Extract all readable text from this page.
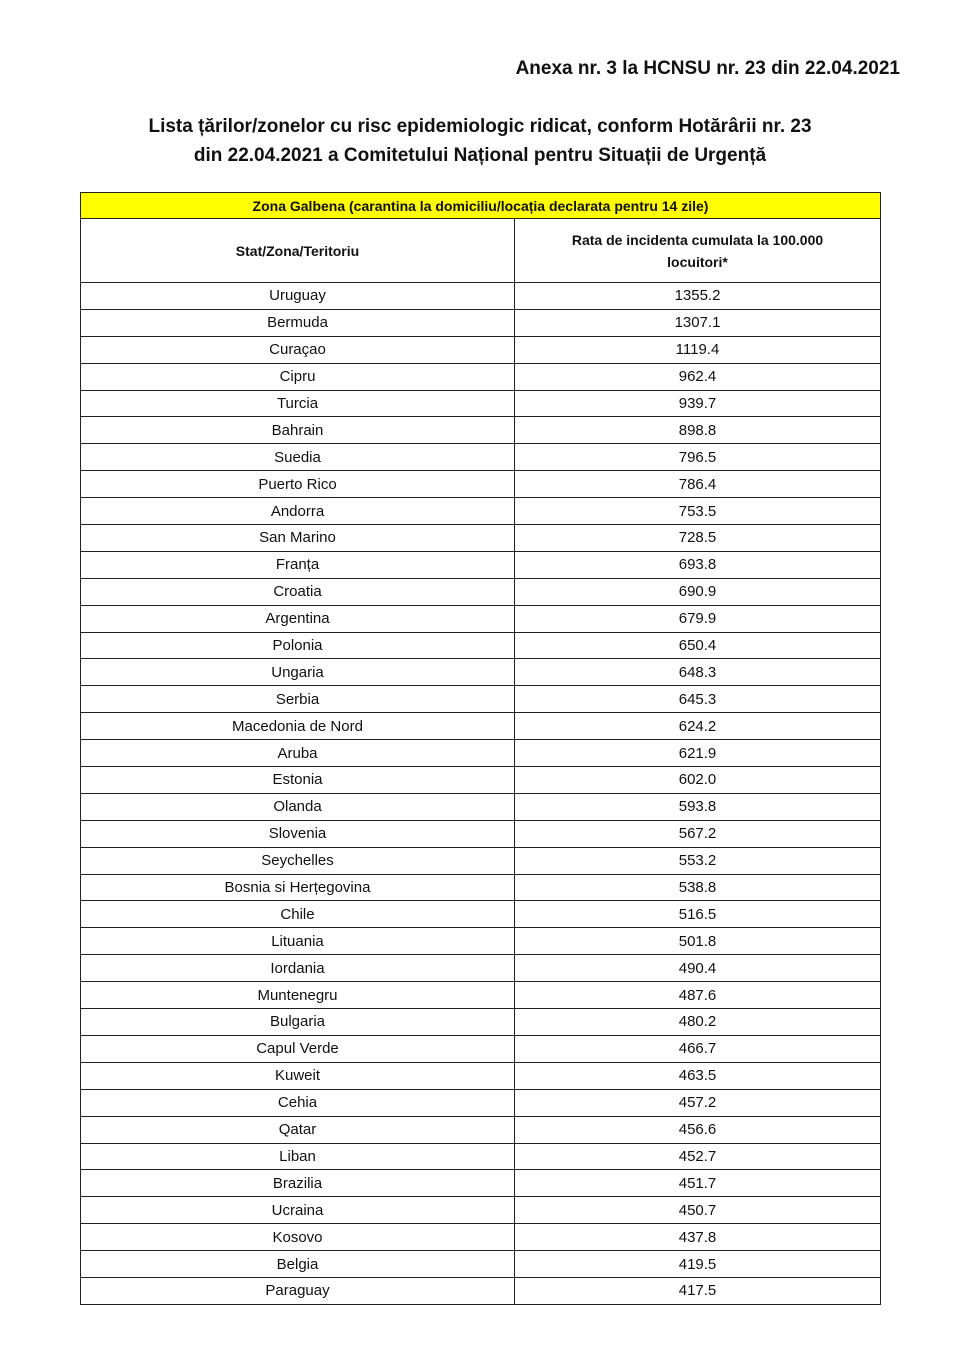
Anexa nr. 3 la HCNSU nr. 23 din 22.04.2021
Lista țărilor/zonelor cu risc epidemiologic ridicat, conform Hotărârii nr. 23
din 22.04.2021 a Comitetului Național pentru Situații de Urgență
Zona Galbena (carantina la domiciliu/locația declarata pentru 14 zile)	
Stat/Zona/Teritoriu	Rata de incidenta cumulata la 100.000
locuitori*
Uruguay	1355.2
Bermuda	1307.1
Curaçao	1119.4
Cipru	962.4
Turcia	939.7
Bahrain	898.8
Suedia	796.5
Puerto Rico	786.4
Andorra	753.5
San Marino	728.5
Franța	693.8
Croatia	690.9
Argentina	679.9
Polonia	650.4
Ungaria	648.3
Serbia	645.3
Macedonia de Nord	624.2
Aruba	621.9
Estonia	602.0
Olanda	593.8
Slovenia	567.2
Seychelles	553.2
Bosnia si Herțegovina	538.8
Chile	516.5
Lituania	501.8
Iordania	490.4
Muntenegru	487.6
Bulgaria	480.2
Capul Verde	466.7
Kuweit	463.5
Cehia	457.2
Qatar	456.6
Liban	452.7
Brazilia	451.7
Ucraina	450.7
Kosovo	437.8
Belgia	419.5
Paraguay	417.5
